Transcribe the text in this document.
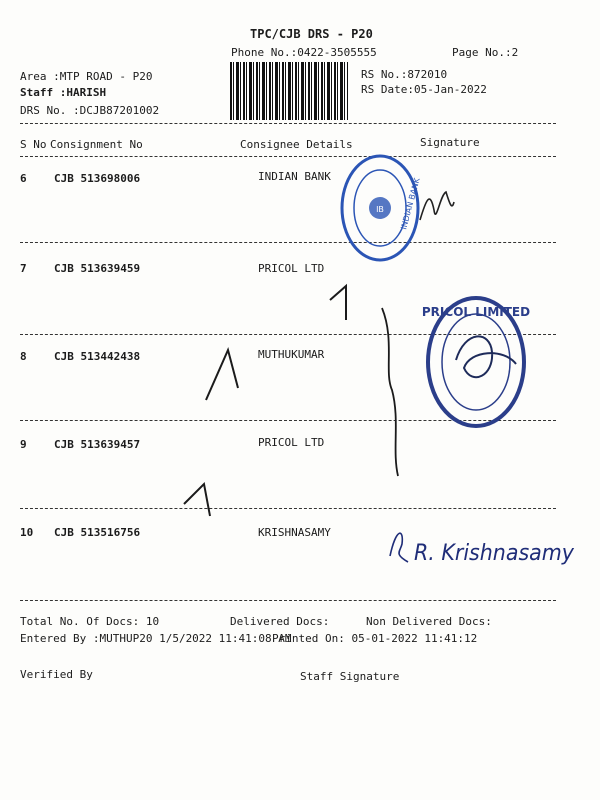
TPC/CJB DRS - P20
Phone No.:0422-3505555	Page No.:2
Area :MTP ROAD - P20
Staff :HARISH
DRS No. :DCJB87201002
RS No.:872010
RS Date:05-Jan-2022
S No Consignment No	Consignee Details	Signature
6 CJB 513698006	INDIAN BANK
7 CJB 513639459	PRICOL LTD
8 CJB 513442438	MUTHUKUMAR
9 CJB 513639457	PRICOL LTD
10 CJB 513516756	KRISHNASAMY
IB INDIAN BANK
PRICOL LIMITED
R. Krishnasamy
Total No. Of Docs: 10	Delivered Docs:	Non Delivered Docs:
Entered By :MUTHUP20 1/5/2022 11:41:08 AM
Printed On: 05-01-2022 11:41:12
Verified By	Staff Signature
